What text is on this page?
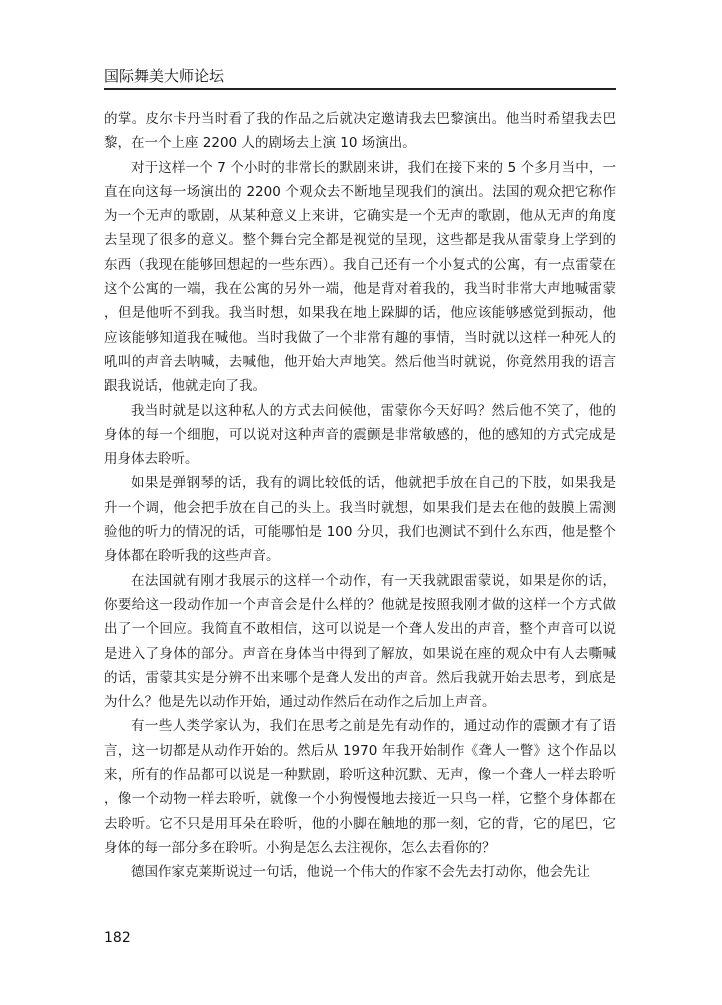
国际舞美大师论坛

的掌。皮尔卡丹当时看了我的作品之后就决定邀请我去巴黎演出。他当时希望我去巴黎，在一个上座 2200 人的剧场去上演 10 场演出。

对于这样一个 7 个小时的非常长的默剧来讲，我们在接下来的 5 个多月当中，一直在向这每一场演出的 2200 个观众去不断地呈现我们的演出。法国的观众把它称作为一个无声的歌剧，从某种意义上来讲，它确实是一个无声的歌剧，他从无声的角度去呈现了很多的意义。整个舞台完全都是视觉的呈现，这些都是我从雷蒙身上学到的东西（我现在能够回想起的一些东西）。我自己还有一个小复式的公寓，有一点雷蒙在这个公寓的一端，我在公寓的另外一端，他是背对着我的，我当时非常大声地喊雷蒙，但是他听不到我。我当时想，如果我在地上跺脚的话，他应该能够感觉到振动，他应该能够知道我在喊他。当时我做了一个非常有趣的事情，当时就以这样一种死人的吼叫的声音去呐喊，去喊他，他开始大声地笑。然后他当时就说，你竟然用我的语言跟我说话，他就走向了我。

我当时就是以这种私人的方式去问候他，雷蒙你今天好吗？然后他不笑了，他的身体的每一个细胞，可以说对这种声音的震颤是非常敏感的，他的感知的方式完成是用身体去聆听。

如果是弹钢琴的话，我有的调比较低的话，他就把手放在自己的下肢，如果我是升一个调，他会把手放在自己的头上。我当时就想，如果我们是去在他的鼓膜上需测验他的听力的情况的话，可能哪怕是 100 分贝，我们也测试不到什么东西，他是整个身体都在聆听我的这些声音。

在法国就有刚才我展示的这样一个动作，有一天我就跟雷蒙说，如果是你的话，你要给这一段动作加一个声音会是什么样的？他就是按照我刚才做的这样一个方式做出了一个回应。我简直不敢相信，这可以说是一个聋人发出的声音，整个声音可以说是进入了身体的部分。声音在身体当中得到了解放，如果说在座的观众中有人去嘶喊的话，雷蒙其实是分辨不出来哪个是聋人发出的声音。然后我就开始去思考，到底是为什么？他是先以动作开始，通过动作然后在动作之后加上声音。

有一些人类学家认为，我们在思考之前是先有动作的，通过动作的震颤才有了语言，这一切都是从动作开始的。然后从 1970 年我开始制作《聋人一瞥》这个作品以来，所有的作品都可以说是一种默剧，聆听这种沉默、无声，像一个聋人一样去聆听，像一个动物一样去聆听，就像一个小狗慢慢地去接近一只鸟一样，它整个身体都在去聆听。它不只是用耳朵在聆听，他的小脚在触地的那一刻，它的背，它的尾巴，它身体的每一部分多在聆听。小狗是怎么去注视你，怎么去看你的？

德国作家克莱斯说过一句话，他说一个伟大的作家不会先去打动你，他会先让

182
